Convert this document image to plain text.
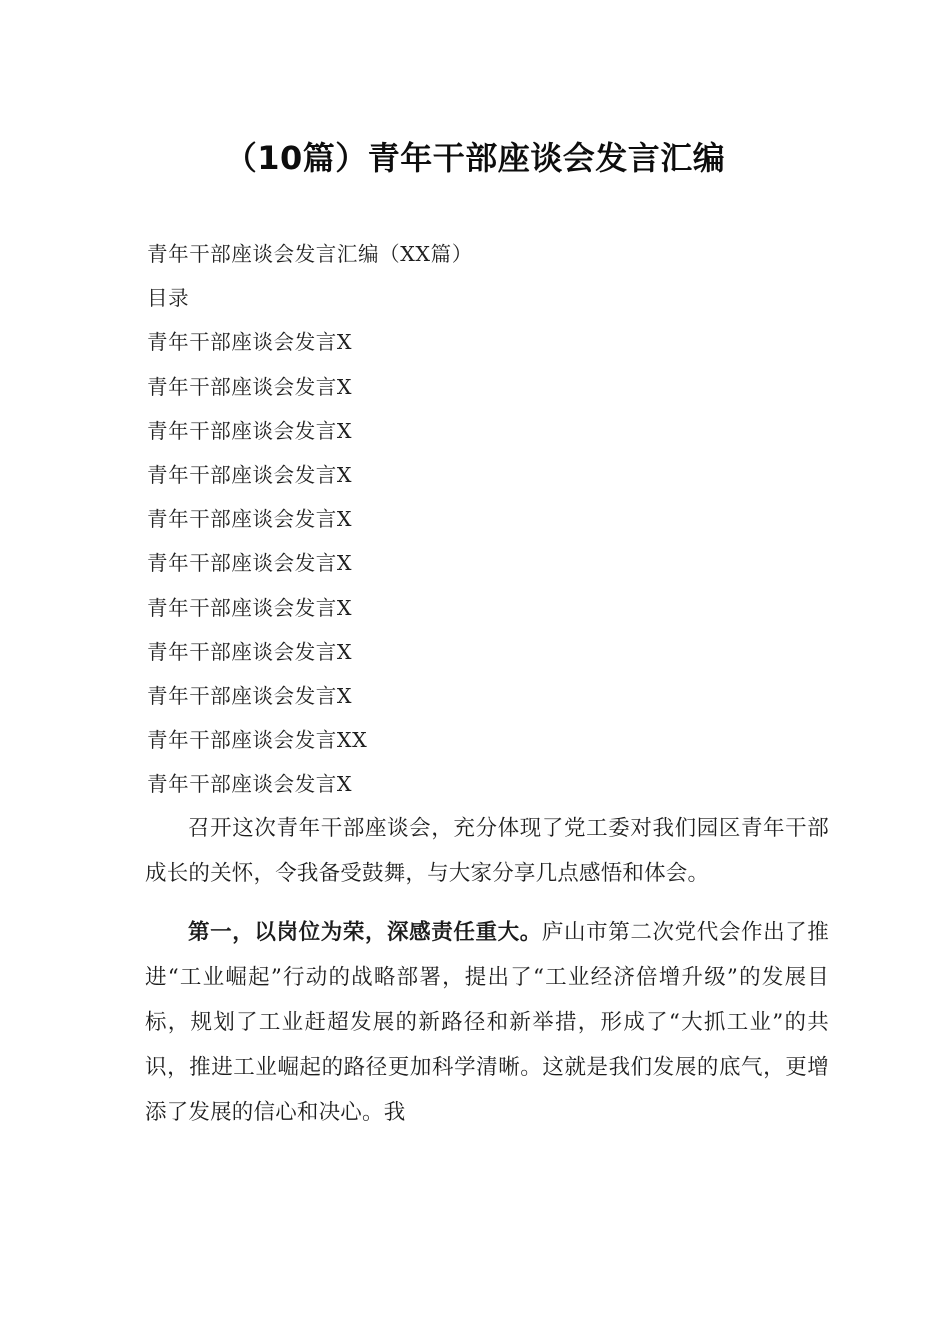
（10篇）青年干部座谈会发言汇编
青年干部座谈会发言汇编（XX篇）
目录
青年干部座谈会发言X
青年干部座谈会发言X
青年干部座谈会发言X
青年干部座谈会发言X
青年干部座谈会发言X
青年干部座谈会发言X
青年干部座谈会发言X
青年干部座谈会发言X
青年干部座谈会发言X
青年干部座谈会发言XX
青年干部座谈会发言X

召开这次青年干部座谈会，充分体现了党工委对我们园区青年干部成长的关怀，令我备受鼓舞，与大家分享几点感悟和体会。

第一，以岗位为荣，深感责任重大。庐山市第二次党代会作出了推进“工业崛起”行动的战略部署，提出了“工业经济倍增升级”的发展目标，规划了工业赶超发展的新路径和新举措，形成了“大抓工业”的共识，推进工业崛起的路径更加科学清晰。这就是我们发展的底气，更增添了发展的信心和决心。我
